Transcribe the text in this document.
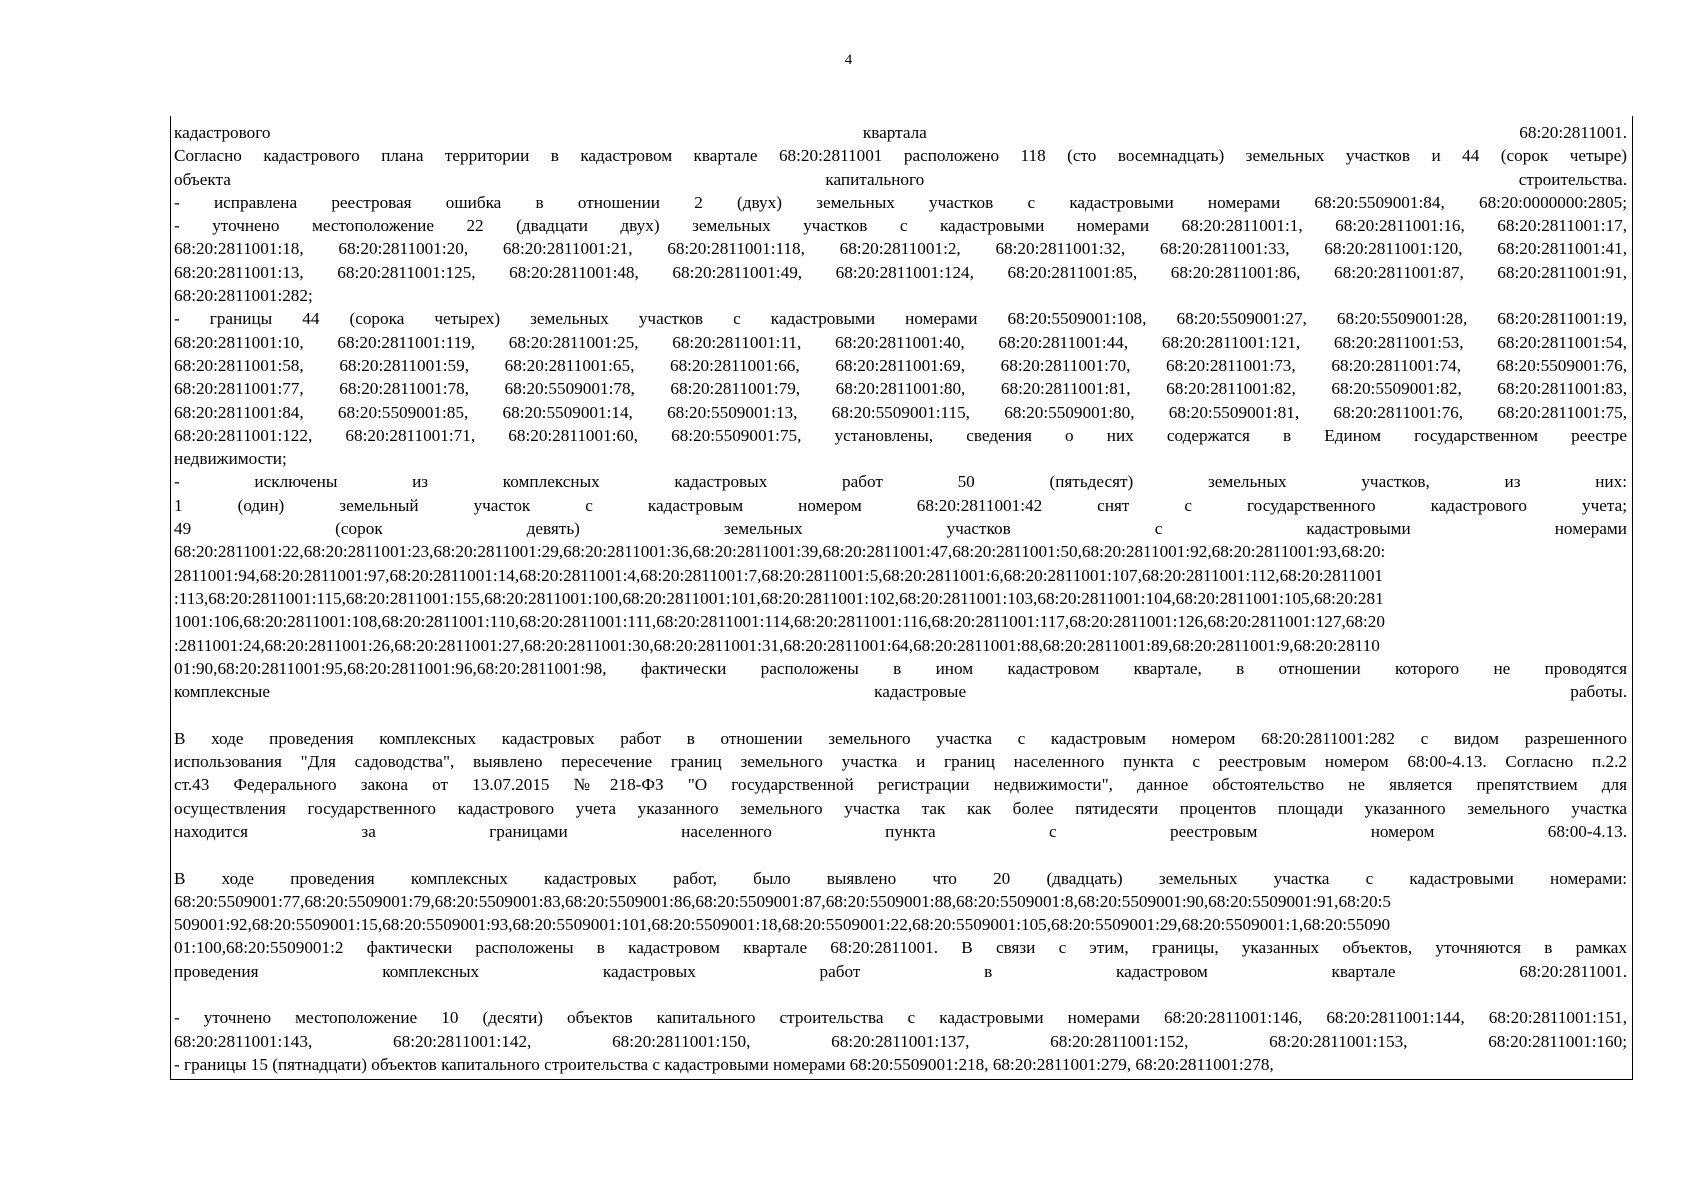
4
кадастрового квартала 68:20:2811001.
Согласно кадастрового плана территории в кадастровом квартале 68:20:2811001 расположено 118 (сто восемнадцать) земельных участков и 44 (сорок четыре)
объекта капитального строительства.
- исправлена реестровая ошибка в отношении 2 (двух) земельных участков с кадастровыми номерами 68:20:5509001:84, 68:20:0000000:2805;
- уточнено местоположение 22 (двадцати двух) земельных участков с кадастровыми номерами 68:20:2811001:1, 68:20:2811001:16, 68:20:2811001:17,
68:20:2811001:18, 68:20:2811001:20, 68:20:2811001:21, 68:20:2811001:118, 68:20:2811001:2, 68:20:2811001:32, 68:20:2811001:33, 68:20:2811001:120, 68:20:2811001:41,
68:20:2811001:13, 68:20:2811001:125, 68:20:2811001:48, 68:20:2811001:49, 68:20:2811001:124, 68:20:2811001:85, 68:20:2811001:86, 68:20:2811001:87, 68:20:2811001:91,
68:20:2811001:282;
- границы 44 (сорока четырех) земельных участков с кадастровыми номерами 68:20:5509001:108, 68:20:5509001:27, 68:20:5509001:28, 68:20:2811001:19,
68:20:2811001:10, 68:20:2811001:119, 68:20:2811001:25, 68:20:2811001:11, 68:20:2811001:40, 68:20:2811001:44, 68:20:2811001:121, 68:20:2811001:53, 68:20:2811001:54,
68:20:2811001:58, 68:20:2811001:59, 68:20:2811001:65, 68:20:2811001:66, 68:20:2811001:69, 68:20:2811001:70, 68:20:2811001:73, 68:20:2811001:74, 68:20:5509001:76,
68:20:2811001:77, 68:20:2811001:78, 68:20:5509001:78, 68:20:2811001:79, 68:20:2811001:80, 68:20:2811001:81, 68:20:2811001:82, 68:20:5509001:82, 68:20:2811001:83,
68:20:2811001:84, 68:20:5509001:85, 68:20:5509001:14, 68:20:5509001:13, 68:20:5509001:115, 68:20:5509001:80, 68:20:5509001:81, 68:20:2811001:76, 68:20:2811001:75,
68:20:2811001:122, 68:20:2811001:71, 68:20:2811001:60, 68:20:5509001:75, установлены, сведения о них содержатся в Едином государственном реестре
недвижимости;
- исключены из комплексных кадастровых работ 50 (пятьдесят) земельных участков, из них:
1 (один) земельный участок с кадастровым номером 68:20:2811001:42 снят с государственного кадастрового учета;
49 (сорок девять) земельных участков с кадастровыми номерами
68:20:2811001:22,68:20:2811001:23,68:20:2811001:29,68:20:2811001:36,68:20:2811001:39,68:20:2811001:47,68:20:2811001:50,68:20:2811001:92,68:20:2811001:93,68:20:
2811001:94,68:20:2811001:97,68:20:2811001:14,68:20:2811001:4,68:20:2811001:7,68:20:2811001:5,68:20:2811001:6,68:20:2811001:107,68:20:2811001:112,68:20:2811001
:113,68:20:2811001:115,68:20:2811001:155,68:20:2811001:100,68:20:2811001:101,68:20:2811001:102,68:20:2811001:103,68:20:2811001:104,68:20:2811001:105,68:20:281
1001:106,68:20:2811001:108,68:20:2811001:110,68:20:2811001:111,68:20:2811001:114,68:20:2811001:116,68:20:2811001:117,68:20:2811001:126,68:20:2811001:127,68:20
:2811001:24,68:20:2811001:26,68:20:2811001:27,68:20:2811001:30,68:20:2811001:31,68:20:2811001:64,68:20:2811001:88,68:20:2811001:89,68:20:2811001:9,68:20:28110
01:90,68:20:2811001:95,68:20:2811001:96,68:20:2811001:98, фактически расположены в ином кадастровом квартале, в отношении которого не проводятся
комплексные кадастровые работы.
В ходе проведения комплексных кадастровых работ в отношении земельного участка с кадастровым номером 68:20:2811001:282 с видом разрешенного
использования "Для садоводства", выявлено пересечение границ земельного участка и границ населенного пункта с реестровым номером 68:00-4.13. Согласно п.2.2
ст.43 Федерального закона от 13.07.2015 №218-ФЗ "О государственной регистрации недвижимости", данное обстоятельство не является препятствием для
осуществления государственного кадастрового учета указанного земельного участка так как более пятидесяти процентов площади указанного земельного участка
находится за границами населенного пункта с реестровым номером 68:00-4.13.
В ходе проведения комплексных кадастровых работ, было выявлено что 20 (двадцать) земельных участка с кадастровыми номерами:
68:20:5509001:77,68:20:5509001:79,68:20:5509001:83,68:20:5509001:86,68:20:5509001:87,68:20:5509001:88,68:20:5509001:8,68:20:5509001:90,68:20:5509001:91,68:20:5
509001:92,68:20:5509001:15,68:20:5509001:93,68:20:5509001:101,68:20:5509001:18,68:20:5509001:22,68:20:5509001:105,68:20:5509001:29,68:20:5509001:1,68:20:55090
01:100,68:20:5509001:2 фактически расположены в кадастровом квартале 68:20:2811001. В связи с этим, границы, указанных объектов, уточняются в рамках
проведения комплексных кадастровых работ в кадастровом квартале 68:20:2811001.
- уточнено местоположение 10 (десяти) объектов капитального строительства с кадастровыми номерами 68:20:2811001:146, 68:20:2811001:144, 68:20:2811001:151,
68:20:2811001:143, 68:20:2811001:142, 68:20:2811001:150, 68:20:2811001:137, 68:20:2811001:152, 68:20:2811001:153, 68:20:2811001:160;
- границы 15 (пятнадцати) объектов капитального строительства с кадастровыми номерами 68:20:5509001:218, 68:20:2811001:279, 68:20:2811001:278,
